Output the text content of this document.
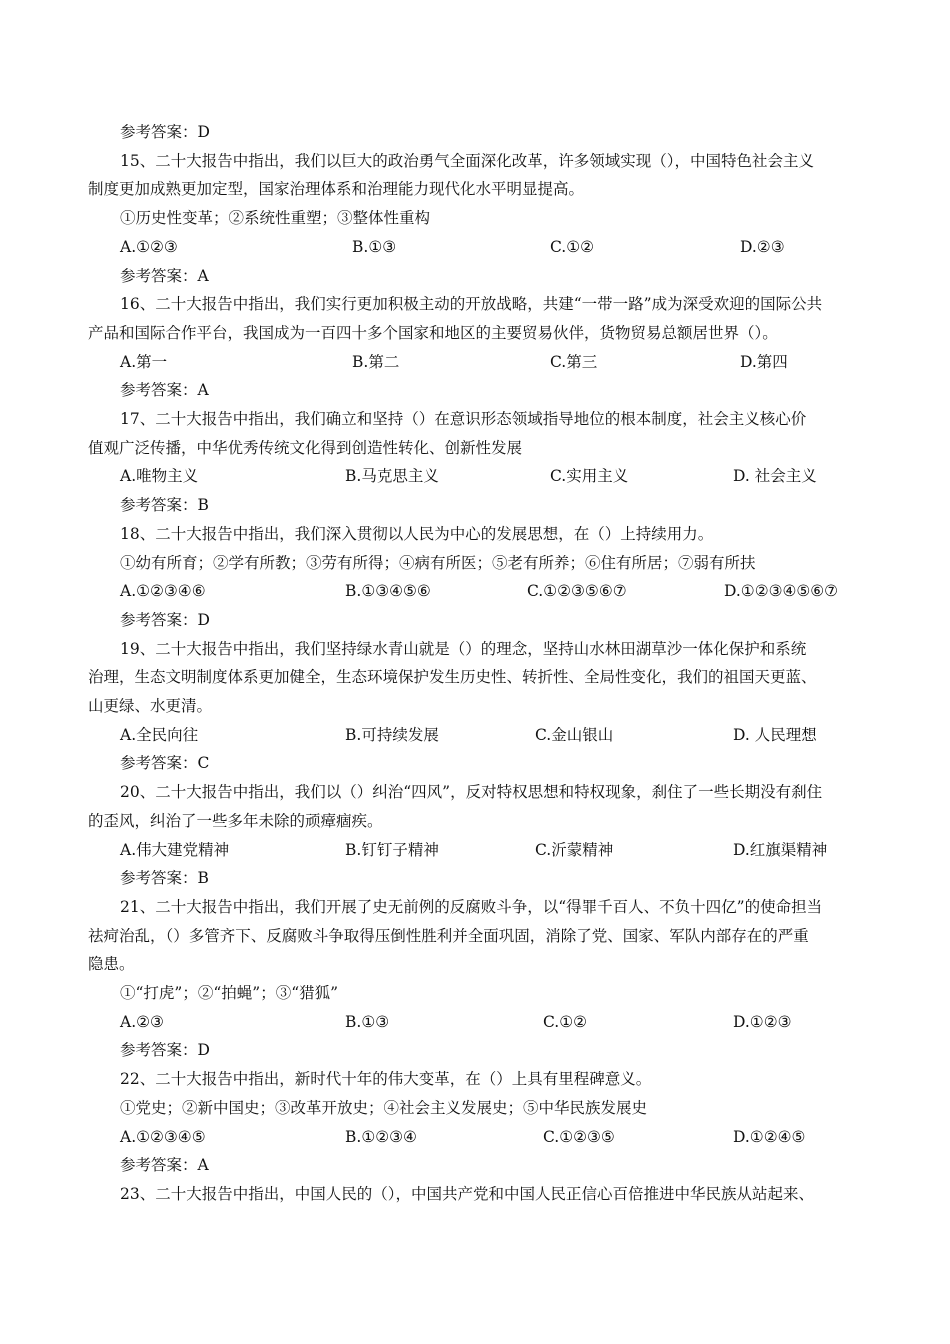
参考答案：D
15、二十大报告中指出，我们以巨大的政治勇气全面深化改革，许多领域实现（），中国特色社会主义
制度更加成熟更加定型，国家治理体系和治理能力现代化水平明显提高。
①历史性变革；②系统性重塑；③整体性重构
A.①②③	B.①③	C.①②	D.②③
参考答案：A
16、二十大报告中指出，我们实行更加积极主动的开放战略，共建“一带一路”成为深受欢迎的国际公共
产品和国际合作平台，我国成为一百四十多个国家和地区的主要贸易伙伴，货物贸易总额居世界（）。
A.第一	B.第二	C.第三	D.第四
参考答案：A
17、二十大报告中指出，我们确立和坚持（）在意识形态领域指导地位的根本制度，社会主义核心价
值观广泛传播，中华优秀传统文化得到创造性转化、创新性发展
A.唯物主义	B.马克思主义	C.实用主义	D. 社会主义
参考答案：B
18、二十大报告中指出，我们深入贯彻以人民为中心的发展思想，在（）上持续用力。
①幼有所育；②学有所教；③劳有所得；④病有所医；⑤老有所养；⑥住有所居；⑦弱有所扶
A.①②③④⑥	B.①③④⑤⑥	C.①②③⑤⑥⑦	D.①②③④⑤⑥⑦
参考答案：D
19、二十大报告中指出，我们坚持绿水青山就是（）的理念，坚持山水林田湖草沙一体化保护和系统
治理，生态文明制度体系更加健全，生态环境保护发生历史性、转折性、全局性变化，我们的祖国天更蓝、
山更绿、水更清。
A.全民向往	B.可持续发展	C.金山银山	D. 人民理想
参考答案：C
20、二十大报告中指出，我们以（）纠治“四风”，反对特权思想和特权现象，刹住了一些长期没有刹住
的歪风，纠治了一些多年未除的顽瘴痼疾。
A.伟大建党精神	B.钉钉子精神	C.沂蒙精神	D.红旗渠精神
参考答案：B
21、二十大报告中指出，我们开展了史无前例的反腐败斗争，以“得罪千百人、不负十四亿”的使命担当
祛疴治乱，（）多管齐下、反腐败斗争取得压倒性胜利并全面巩固，消除了党、国家、军队内部存在的严重
隐患。
①“打虎”；②“拍蝇”；③“猎狐”
A.②③	B.①③	C.①②	D.①②③
参考答案：D
22、二十大报告中指出，新时代十年的伟大变革，在（）上具有里程碑意义。
①党史；②新中国史；③改革开放史；④社会主义发展史；⑤中华民族发展史
A.①②③④⑤	B.①②③④	C.①②③⑤	D.①②④⑤
参考答案：A
23、二十大报告中指出，中国人民的（），中国共产党和中国人民正信心百倍推进中华民族从站起来、
